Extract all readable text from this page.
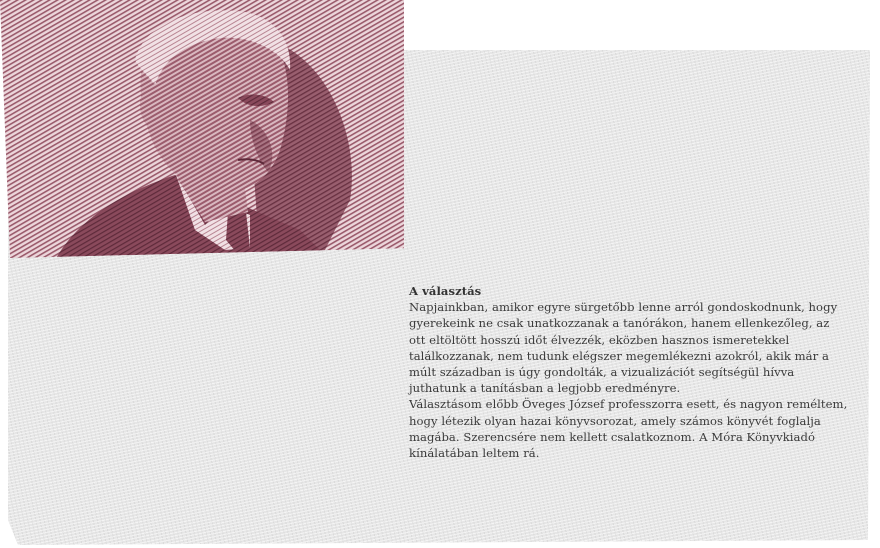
A választás

Napjainkban, amikor egyre sürgetőbb lenne arról gondoskodnunk, hogy gyerekeink ne csak unatkozzanak a tanórákon, hanem ellenkezőleg, az ott eltöltött hosszú időt élvezzék, eközben hasznos ismeretekkel találkozzanak, nem tudunk elégszer megemlékezni azokról, akik már a múlt században is úgy gondolták, a vizualizációt segítségül hívva juthatunk a tanításban a legjobb eredményre.

Választásom előbb Öveges József professzorra esett, és nagyon reméltem, hogy létezik olyan hazai könyvsorozat, amely számos könyvét foglalja magába. Szerencsére nem kellett csalatkoznom. A Móra Könyvkiadó kínálatában leltem rá.
